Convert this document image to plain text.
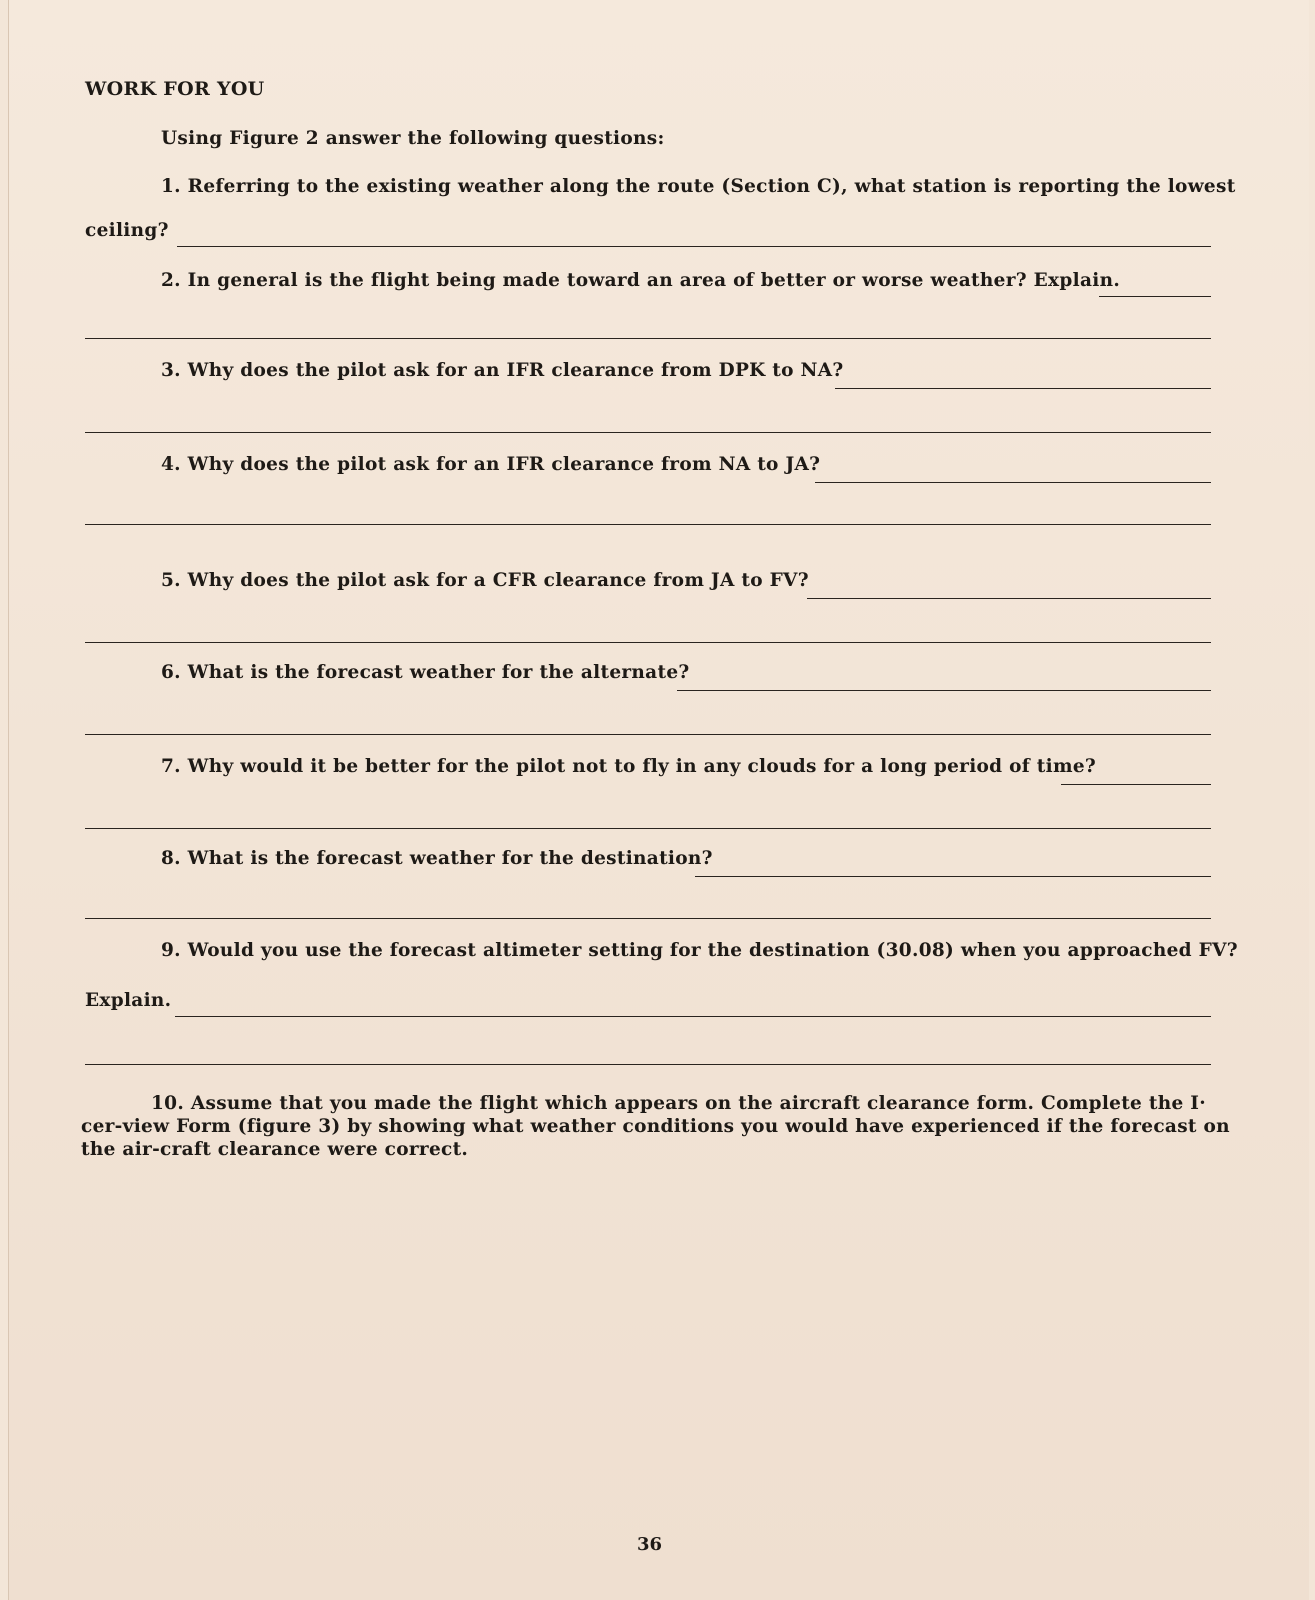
WORK FOR YOU
Using Figure 2 answer the following questions:
1. Referring to the existing weather along the route (Section C), what station is reporting the lowest
ceiling?
2. In general is the flight being made toward an area of better or worse weather? Explain.
3. Why does the pilot ask for an IFR clearance from DPK to NA?
4. Why does the pilot ask for an IFR clearance from NA to JA?
5. Why does the pilot ask for a CFR clearance from JA to FV?
6. What is the forecast weather for the alternate?
7. Why would it be better for the pilot not to fly in any clouds for a long period of time?
8. What is the forecast weather for the destination?
9. Would you use the forecast altimeter setting for the destination (30.08) when you approached FV?
Explain.
10. Assume that you made the flight which appears on the aircraft clearance form. Complete the I· cer-view Form (figure 3) by showing what weather conditions you would have experienced if the forecast on the air-craft clearance were correct.
36
